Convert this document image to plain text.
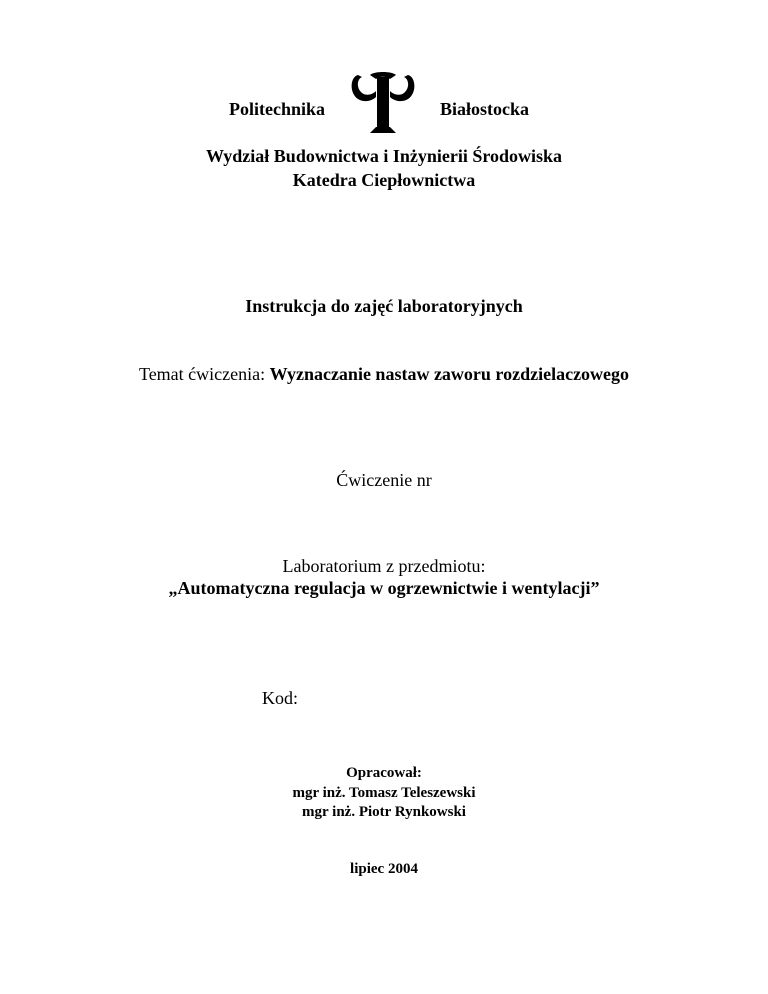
Politechnika	Białostocka
Wydział Budownictwa i Inżynierii Środowiska
Katedra Ciepłownictwa
Instrukcja do zajęć laboratoryjnych
Temat ćwiczenia: Wyznaczanie nastaw zaworu rozdzielaczowego
Ćwiczenie nr
Laboratorium z przedmiotu:
„Automatyczna regulacja w ogrzewnictwie i wentylacji”
Kod:
Opracował:
mgr inż. Tomasz Teleszewski
mgr inż. Piotr Rynkowski
lipiec 2004
